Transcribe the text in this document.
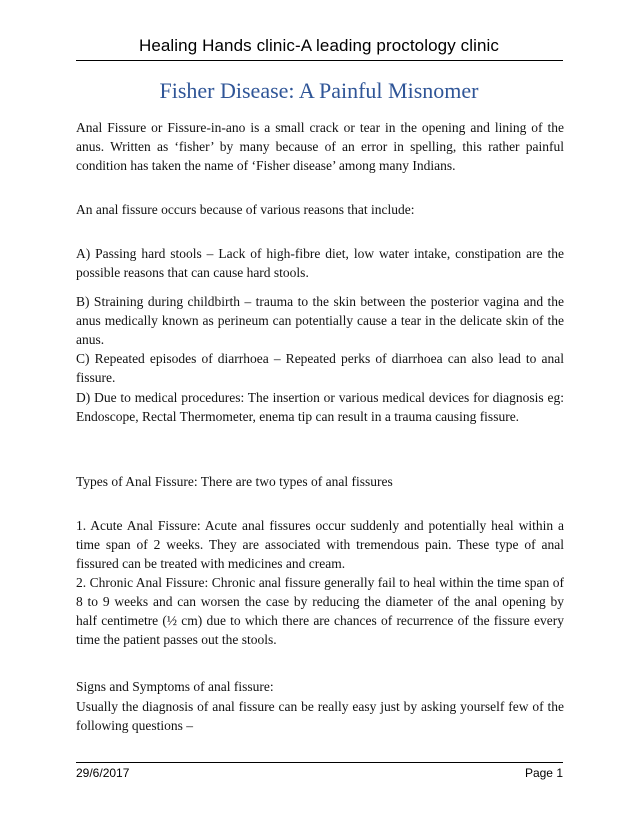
Healing Hands clinic-A leading proctology clinic
Fisher Disease: A Painful Misnomer

Anal Fissure or Fissure-in-ano is a small crack or tear in the opening and lining of the anus. Written as ‘fisher’ by many because of an error in spelling, this rather painful condition has taken the name of ‘Fisher disease’ among many Indians.

An anal fissure occurs because of various reasons that include:

A) Passing hard stools – Lack of high-fibre diet, low water intake, constipation are the possible reasons that can cause hard stools.

B) Straining during childbirth – trauma to the skin between the posterior vagina and the anus medically known as perineum can potentially cause a tear in the delicate skin of the anus.

C) Repeated episodes of diarrhoea – Repeated perks of diarrhoea can also lead to anal fissure.

D) Due to medical procedures: The insertion or various medical devices for diagnosis eg: Endoscope, Rectal Thermometer, enema tip can result in a trauma causing fissure.

Types of Anal Fissure: There are two types of anal fissures

1. Acute Anal Fissure: Acute anal fissures occur suddenly and potentially heal within a time span of 2 weeks. They are associated with tremendous pain. These type of anal fissured can be treated with medicines and cream.

2. Chronic Anal Fissure: Chronic anal fissure generally fail to heal within the time span of 8 to 9 weeks and can worsen the case by reducing the diameter of the anal opening by half centimetre (½ cm) due to which there are chances of recurrence of the fissure every time the patient passes out the stools.

Signs and Symptoms of anal fissure:

Usually the diagnosis of anal fissure can be really easy just by asking yourself few of the following questions –

29/6/2017	Page 1
